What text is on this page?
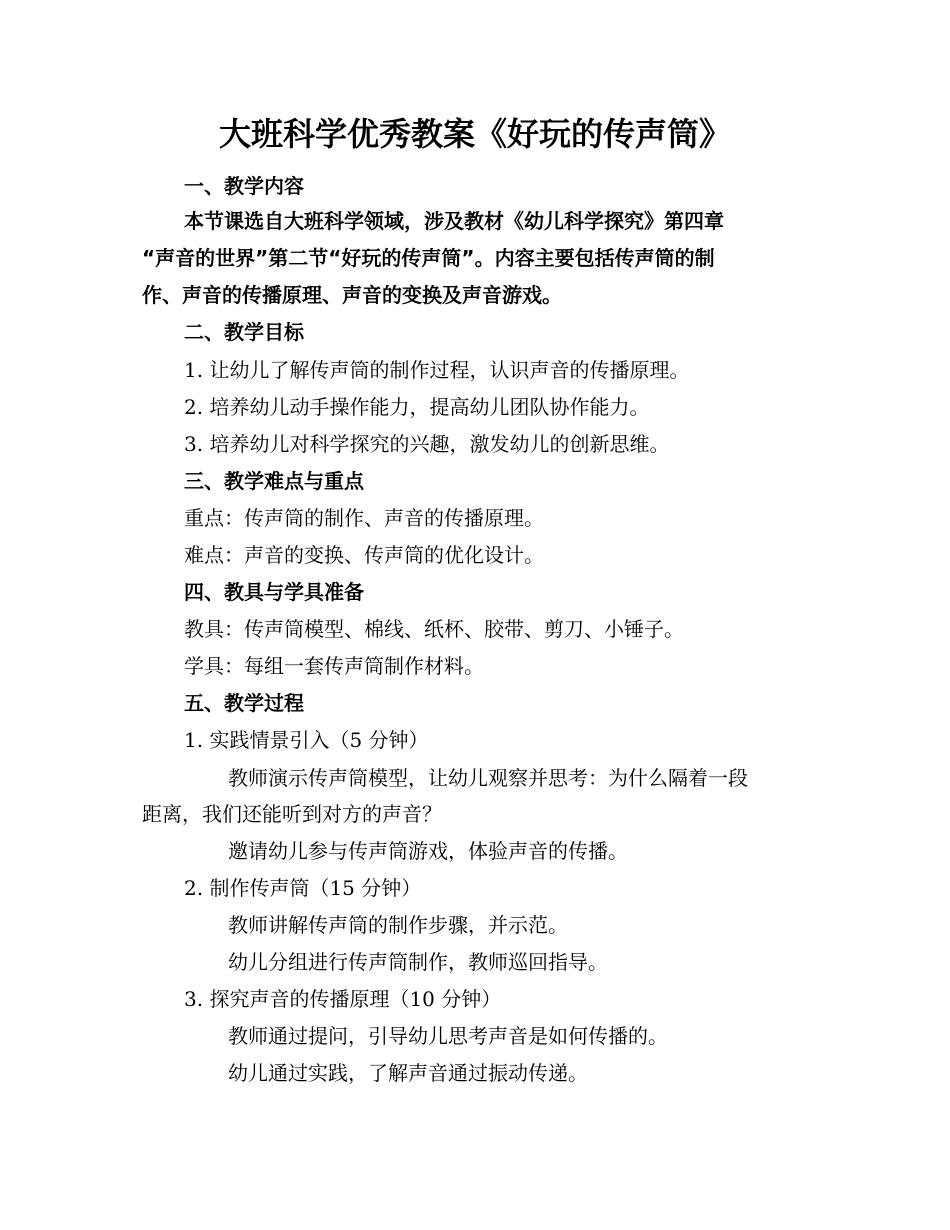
大班科学优秀教案《好玩的传声筒》
一、教学内容
本节课选自大班科学领域，涉及教材《幼儿科学探究》第四章
“声音的世界”第二节“好玩的传声筒”。内容主要包括传声筒的制
作、声音的传播原理、声音的变换及声音游戏。
二、教学目标
1. 让幼儿了解传声筒的制作过程，认识声音的传播原理。
2. 培养幼儿动手操作能力，提高幼儿团队协作能力。
3. 培养幼儿对科学探究的兴趣，激发幼儿的创新思维。
三、教学难点与重点
重点：传声筒的制作、声音的传播原理。
难点：声音的变换、传声筒的优化设计。
四、教具与学具准备
教具：传声筒模型、棉线、纸杯、胶带、剪刀、小锤子。
学具：每组一套传声筒制作材料。
五、教学过程
1. 实践情景引入（5 分钟）
教师演示传声筒模型，让幼儿观察并思考：为什么隔着一段
距离，我们还能听到对方的声音？
邀请幼儿参与传声筒游戏，体验声音的传播。
2. 制作传声筒（15 分钟）
教师讲解传声筒的制作步骤，并示范。
幼儿分组进行传声筒制作，教师巡回指导。
3. 探究声音的传播原理（10 分钟）
教师通过提问，引导幼儿思考声音是如何传播的。
幼儿通过实践，了解声音通过振动传递。
